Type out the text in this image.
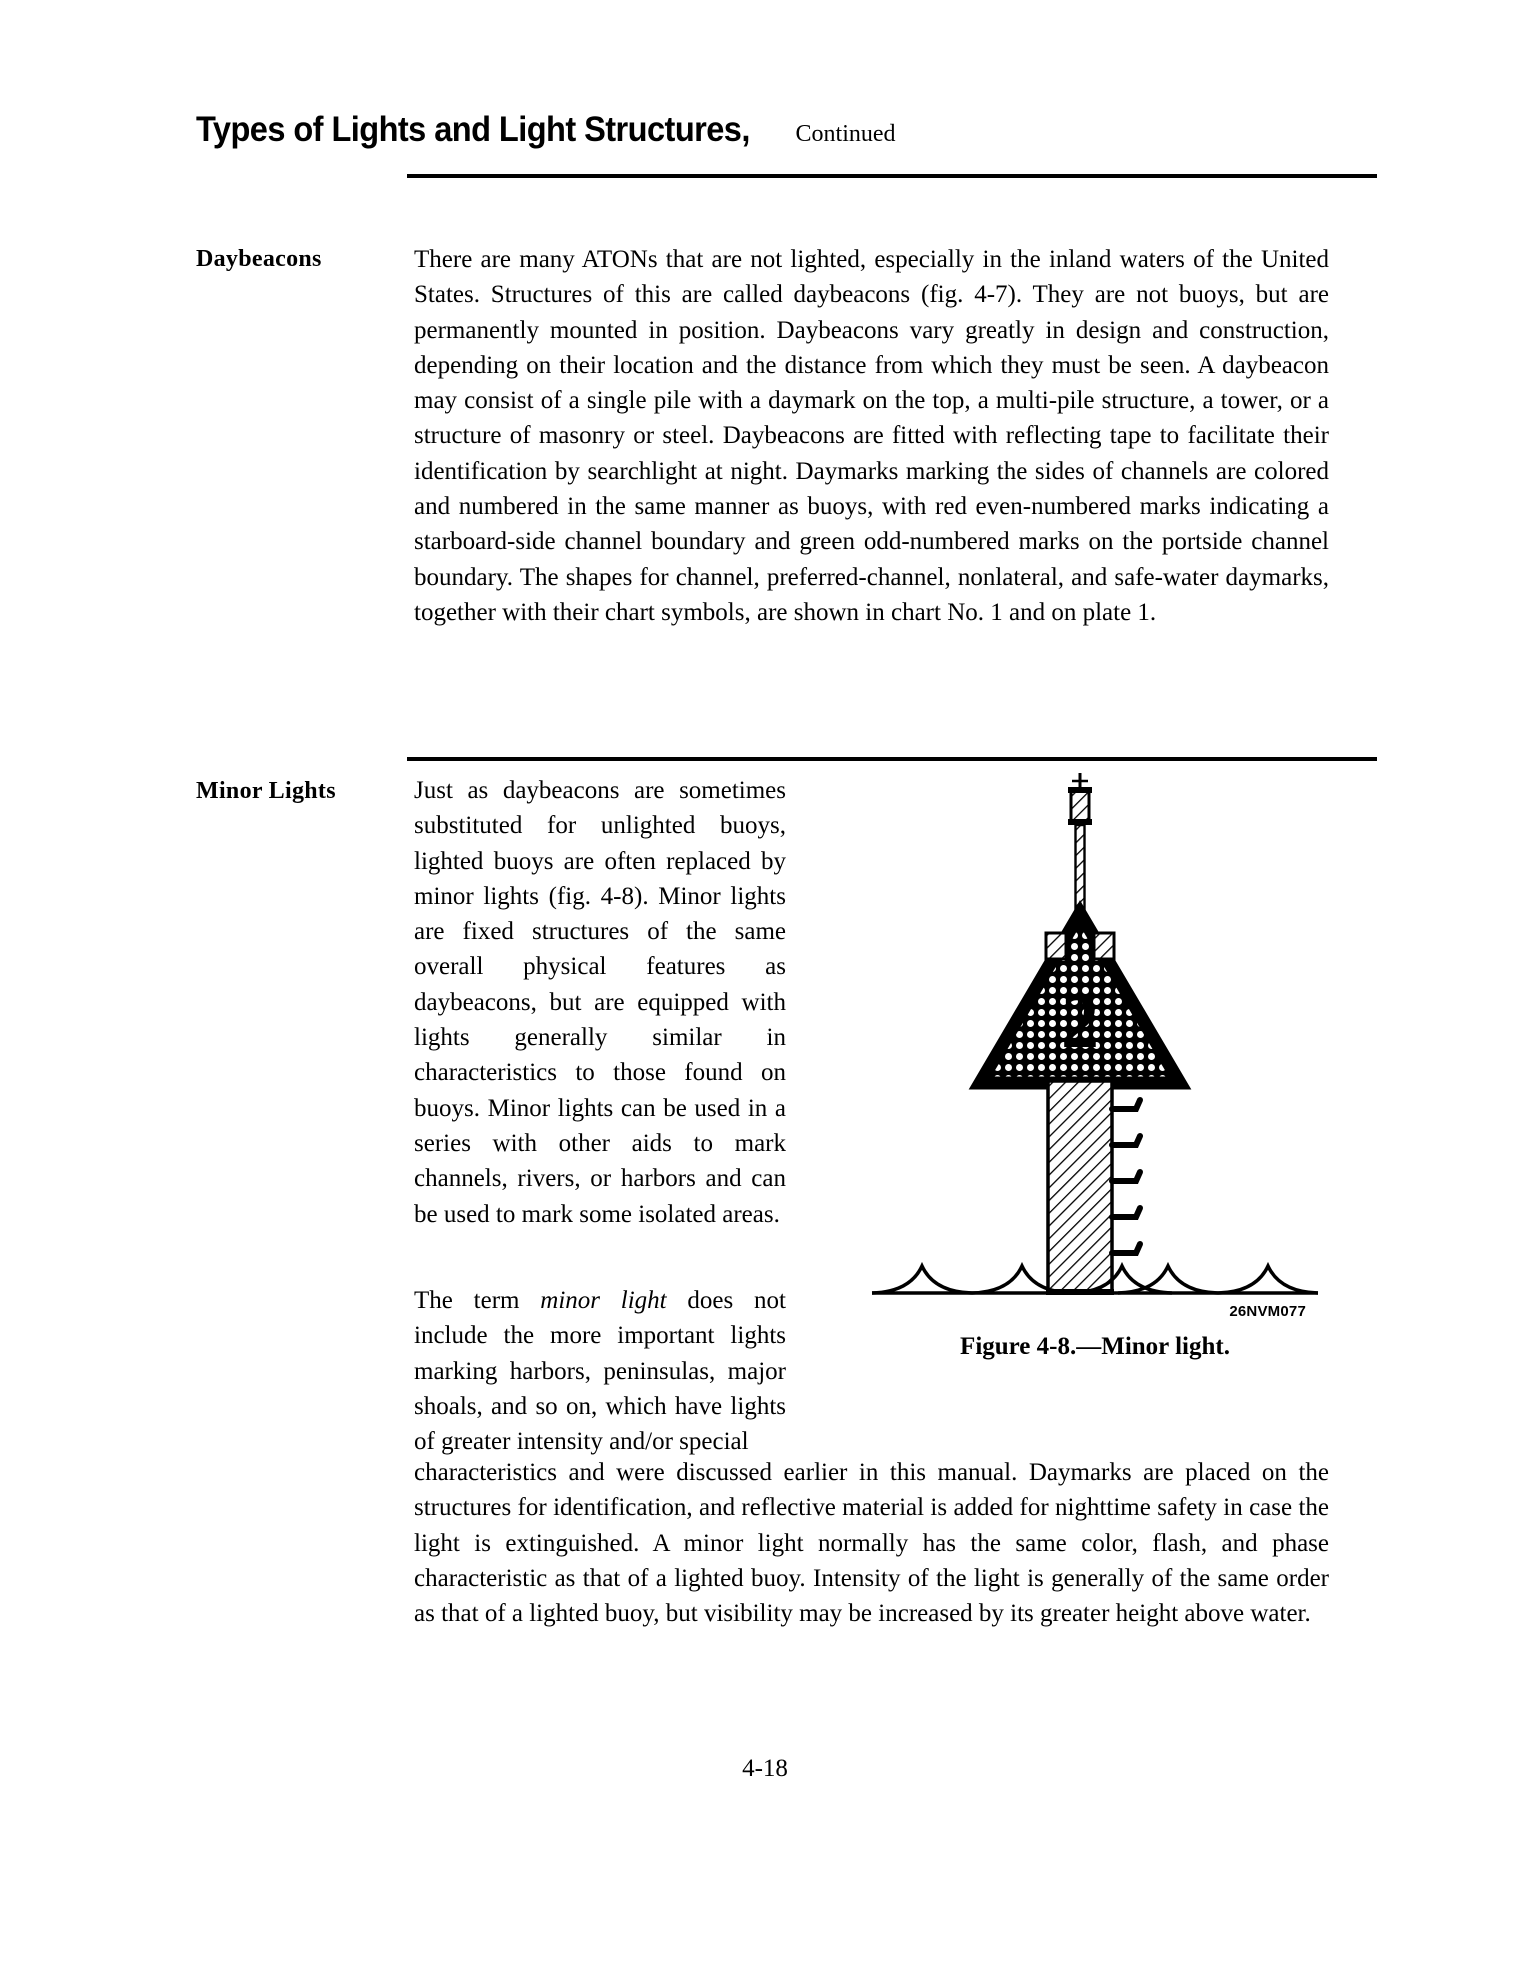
Types of Lights and Light Structures, Continued
Daybeacons	There are many ATONs that are not lighted, especially in the inland waters of the United States. Structures of this are called daybeacons (fig. 4-7). They are not buoys, but are permanently mounted in position. Daybeacons vary greatly in design and construction, depending on their location and the distance from which they must be seen. A daybeacon may consist of a single pile with a daymark on the top, a multi-pile structure, a tower, or a structure of masonry or steel. Daybeacons are fitted with reflecting tape to facilitate their identification by searchlight at night. Daymarks marking the sides of channels are colored and numbered in the same manner as buoys, with red even-numbered marks indicating a starboard-side channel boundary and green odd-numbered marks on the portside channel boundary. The shapes for channel, preferred-channel, nonlateral, and safe-water daymarks, together with their chart symbols, are shown in chart No. 1 and on plate 1.

Minor Lights	Just as daybeacons are sometimes substituted for unlighted buoys, lighted buoys are often replaced by minor lights (fig. 4-8). Minor lights are fixed structures of the same overall physical features as daybeacons, but are equipped with lights generally similar in characteristics to those found on buoys. Minor lights can be used in a series with other aids to mark channels, rivers, or harbors and can be used to mark some isolated areas.

The term minor light does not include the more important lights marking harbors, peninsulas, major shoals, and so on, which have lights of greater intensity and/or special

characteristics and were discussed earlier in this manual. Daymarks are placed on the structures for identification, and reflective material is added for nighttime safety in case the light is extinguished. A minor light normally has the same color, flash, and phase characteristic as that of a lighted buoy. Intensity of the light is generally of the same order as that of a lighted buoy, but visibility may be increased by its greater height above water.

2
26NVM077
Figure 4-8.—Minor light.
4-18
